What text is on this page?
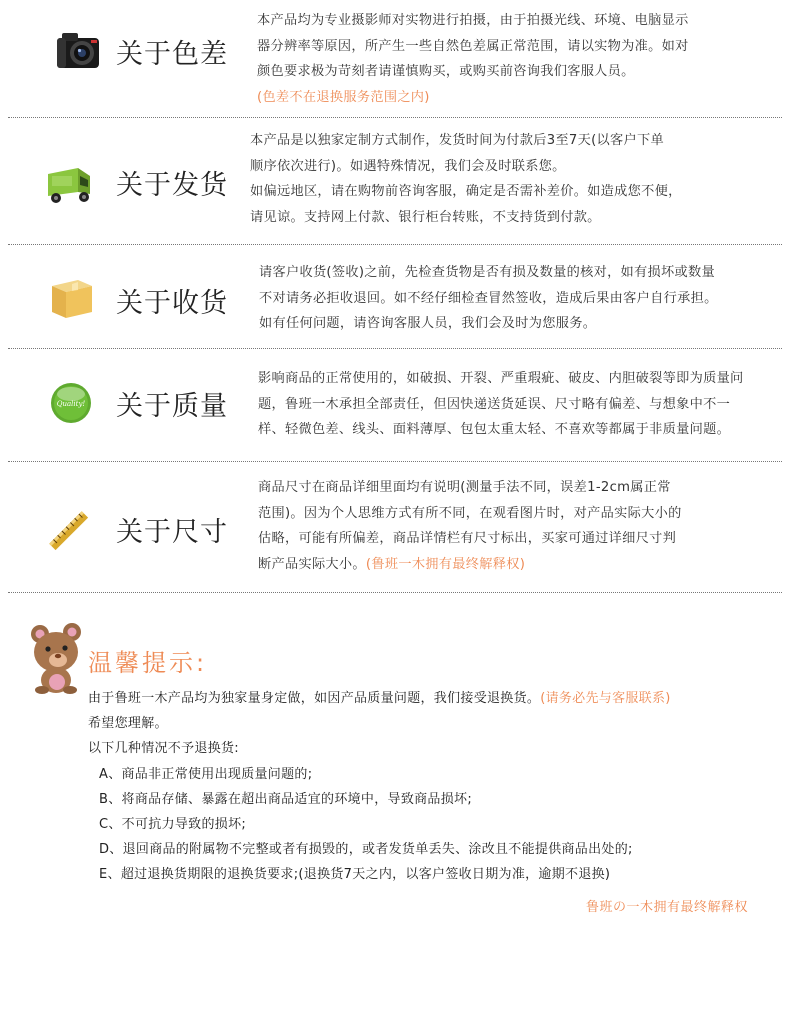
关于色差

本产品均为专业摄影师对实物进行拍摄，由于拍摄光线、环境、电脑显示

器分辨率等原因，所产生一些自然色差属正常范围，请以实物为准。如对

颜色要求极为苛刻者请谨慎购买，或购买前咨询我们客服人员。

(色差不在退换服务范围之内)

关于发货

本产品是以独家定制方式制作，发货时间为付款后3至7天(以客户下单

顺序依次进行)。如遇特殊情况，我们会及时联系您。

如偏远地区，请在购物前咨询客服，确定是否需补差价。如造成您不便，

请见谅。支持网上付款、银行柜台转账，不支持货到付款。

关于收货

请客户收货(签收)之前，先检查货物是否有损及数量的核对，如有损坏或数量

不对请务必拒收退回。如不经仔细检查冒然签收，造成后果由客户自行承担。

如有任何问题，请咨询客服人员，我们会及时为您服务。

Quality! 关于质量

影响商品的正常使用的，如破损、开裂、严重瑕疵、破皮、内胆破裂等即为质量问

题，鲁班一木承担全部责任，但因快递送货延误、尺寸略有偏差、与想象中不一

样、轻微色差、线头、面料薄厚、包包太重太轻、不喜欢等都属于非质量问题。

关于尺寸

商品尺寸在商品详细里面均有说明(测量手法不同，误差1-2cm属正常

范围)。因为个人思维方式有所不同，在观看图片时，对产品实际大小的

估略，可能有所偏差，商品详情栏有尺寸标出，买家可通过详细尺寸判

断产品实际大小。(鲁班一木拥有最终解释权)

温馨提示:

由于鲁班一木产品均为独家量身定做，如因产品质量问题，我们接受退换货。(请务必先与客服联系)

希望您理解。

以下几种情况不予退换货:

A、商品非正常使用出现质量问题的;

B、将商品存储、暴露在超出商品适宜的环境中，导致商品损坏;

C、不可抗力导致的损坏;

D、退回商品的附属物不完整或者有损毁的，或者发货单丢失、涂改且不能提供商品出处的;

E、超过退换货期限的退换货要求;(退换货7天之内，以客户签收日期为准，逾期不退换)

鲁班の一木拥有最终解释权
